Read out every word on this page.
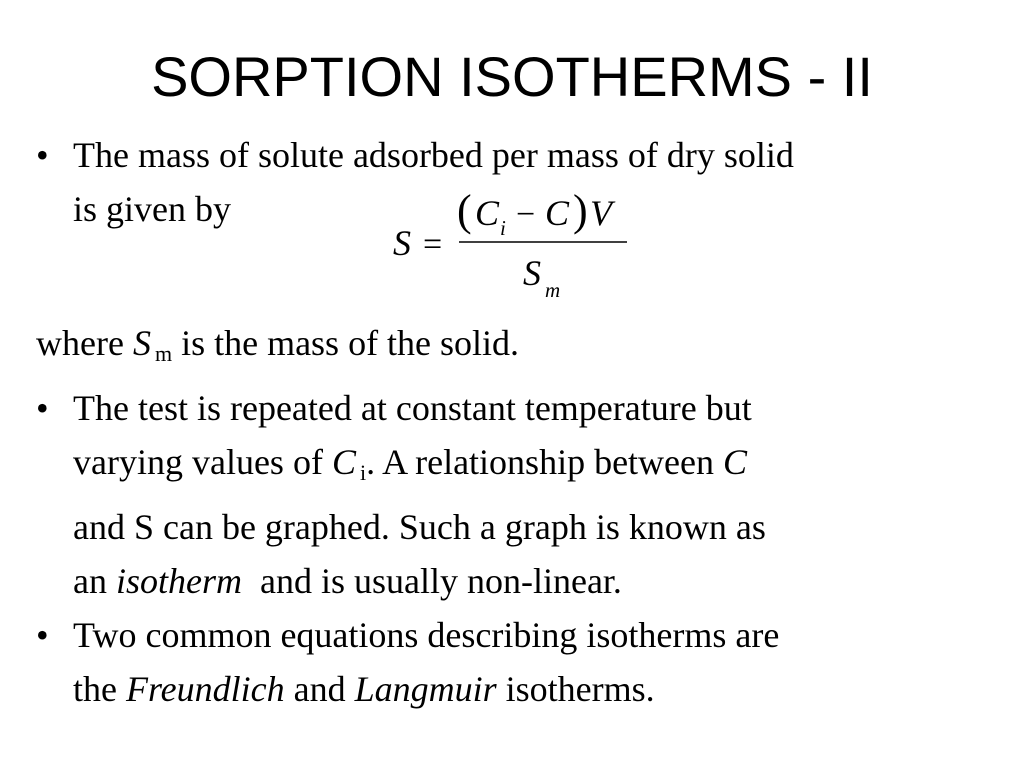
SORPTION ISOTHERMS - II
• The mass of solute adsorbed per mass of dry solid
is given by
S =
( C i − C ) V
S m
where S $_m$ is the mass of the solid.
• The test is repeated at constant temperature but
varying values of C $_i$. A relationship between C
and S can be graphed. Such a graph is known as
an isotherm  and is usually non-linear.
• Two common equations describing isotherms are
the Freundlich and Langmuir isotherms.
